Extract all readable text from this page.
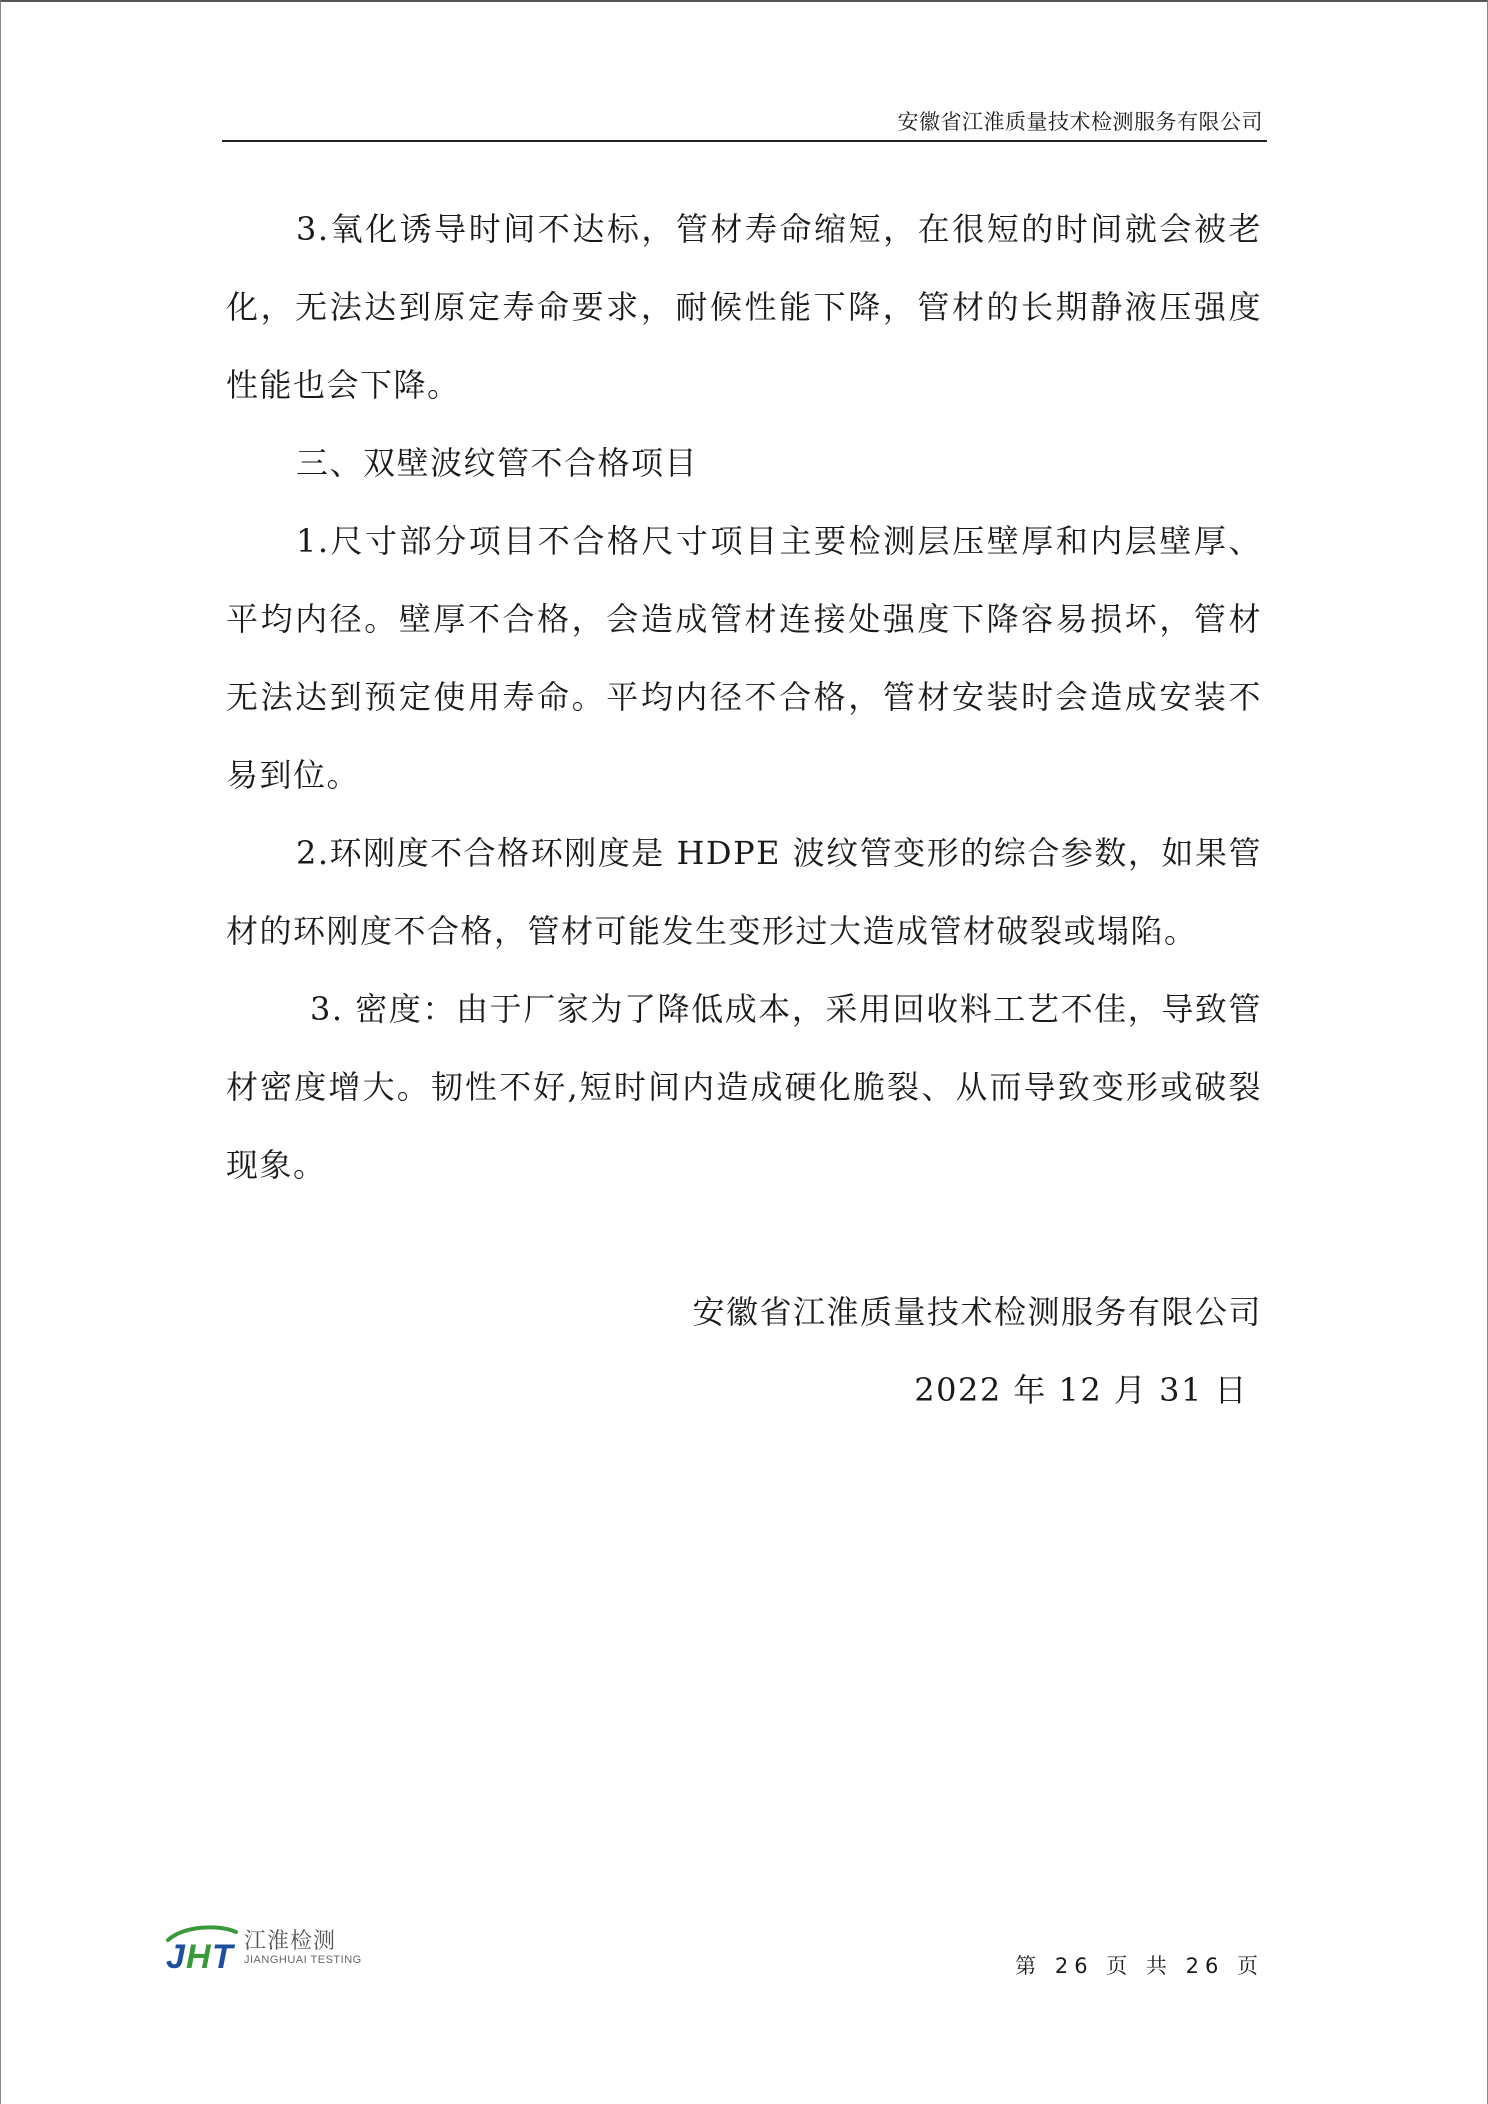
安徽省江淮质量技术检测服务有限公司

3.氧化诱导时间不达标，管材寿命缩短，在很短的时间就会被老化，无法达到原定寿命要求，耐候性能下降，管材的长期静液压强度性能也会下降。

三、双壁波纹管不合格项目

1.尺寸部分项目不合格尺寸项目主要检测层压壁厚和内层壁厚、平均内径。壁厚不合格，会造成管材连接处强度下降容易损坏，管材无法达到预定使用寿命。平均内径不合格，管材安装时会造成安装不易到位。

2.环刚度不合格环刚度是 HDPE 波纹管变形的综合参数，如果管材的环刚度不合格，管材可能发生变形过大造成管材破裂或塌陷。

3. 密度：由于厂家为了降低成本，采用回收料工艺不佳，导致管材密度增大。韧性不好,短时间内造成硬化脆裂、从而导致变形或破裂现象。

安徽省江淮质量技术检测服务有限公司
2022 年 12 月 31 日
J H T 江淮检测
JIANGHUAI TESTING	第 26 页 共 26 页
